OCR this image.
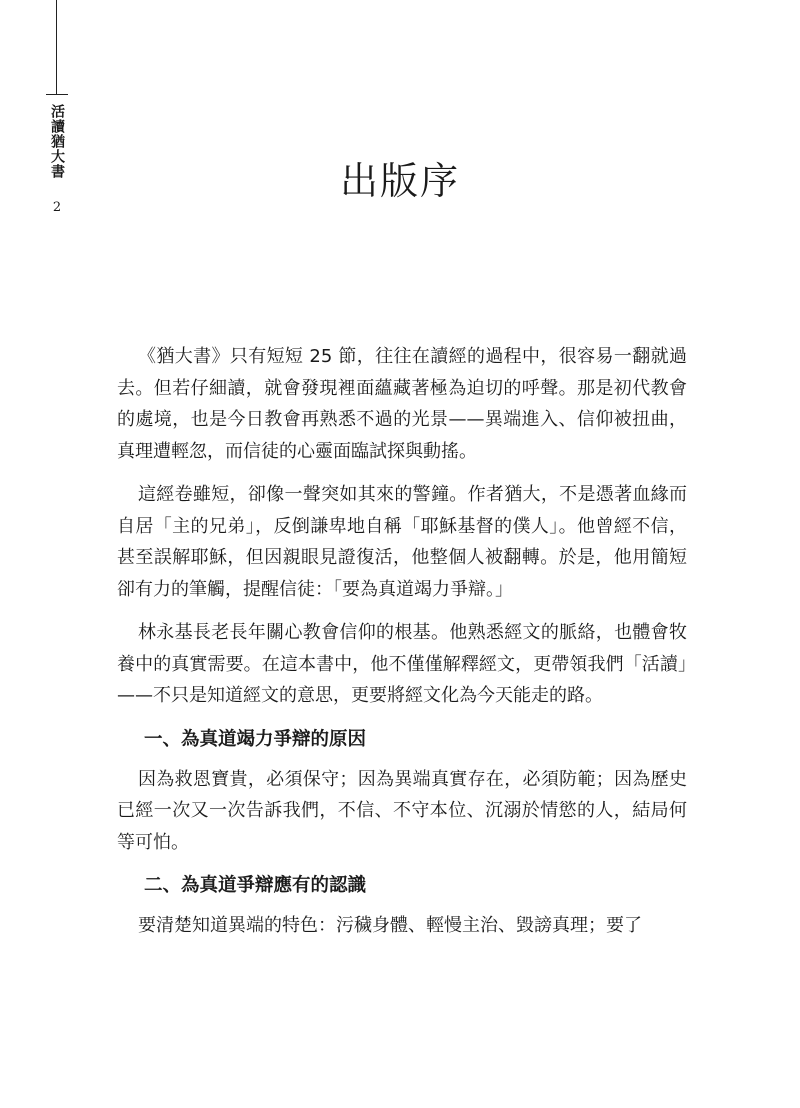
活讀猶大書
2
出版序

《猶大書》只有短短 25 節，往往在讀經的過程中，很容易一翻就過去。但若仔細讀，就會發現裡面蘊藏著極為迫切的呼聲。那是初代教會的處境，也是今日教會再熟悉不過的光景——異端進入、信仰被扭曲，真理遭輕忽，而信徒的心靈面臨試探與動搖。

這經卷雖短，卻像一聲突如其來的警鐘。作者猶大，不是憑著血緣而自居「主的兄弟」，反倒謙卑地自稱「耶穌基督的僕人」。他曾經不信，甚至誤解耶穌，但因親眼見證復活，他整個人被翻轉。於是，他用簡短卻有力的筆觸，提醒信徒：「要為真道竭力爭辯。」

林永基長老長年關心教會信仰的根基。他熟悉經文的脈絡，也體會牧養中的真實需要。在這本書中，他不僅僅解釋經文，更帶領我們「活讀」——不只是知道經文的意思，更要將經文化為今天能走的路。

一、為真道竭力爭辯的原因

因為救恩寶貴，必須保守；因為異端真實存在，必須防範；因為歷史已經一次又一次告訴我們，不信、不守本位、沉溺於情慾的人，結局何等可怕。

二、為真道爭辯應有的認識

要清楚知道異端的特色：污穢身體、輕慢主治、毀謗真理；要了
